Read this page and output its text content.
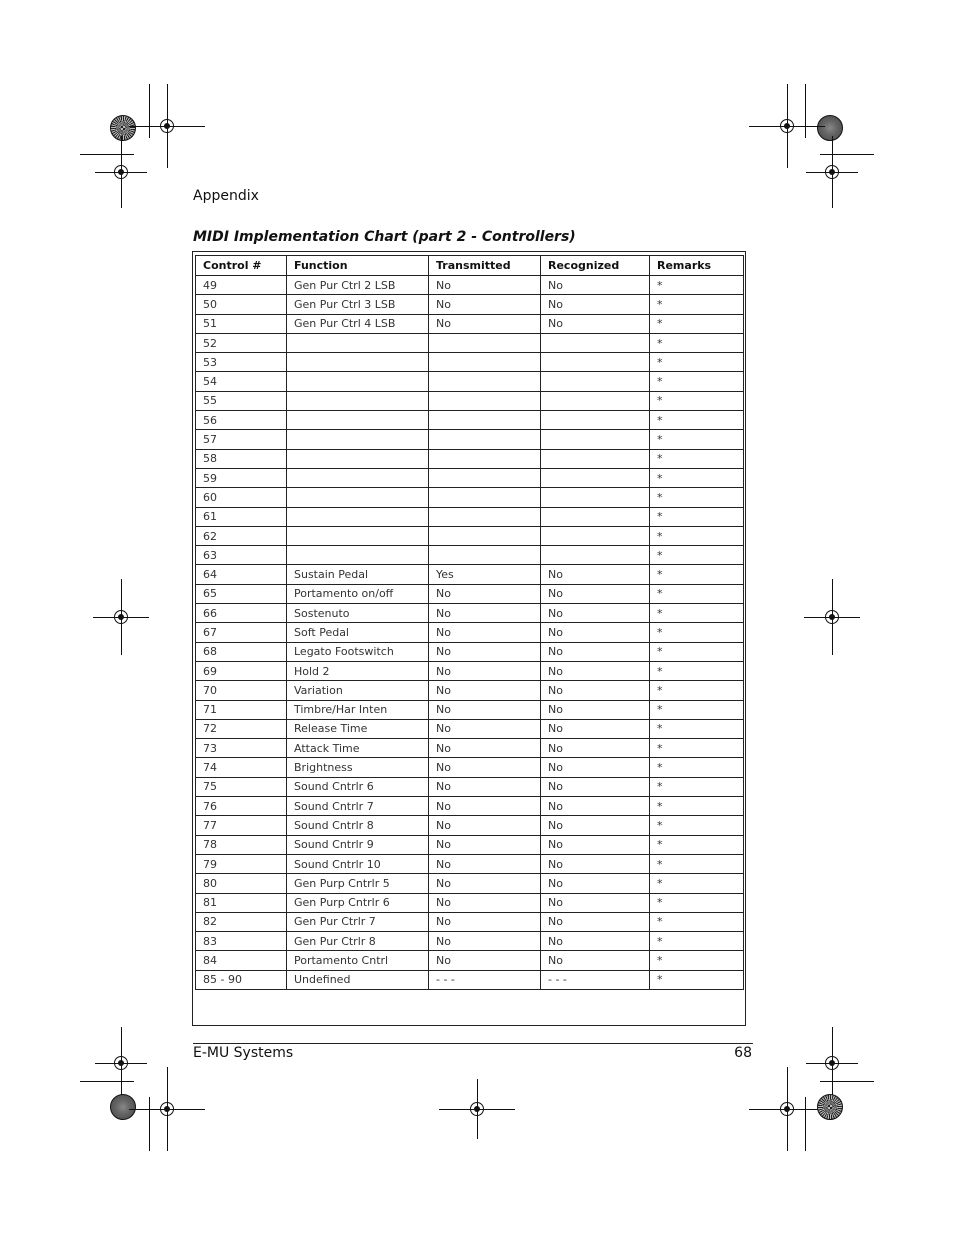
Appendix
MIDI Implementation Chart (part 2 - Controllers)
Control #	Function	Transmitted	Recognized	Remarks
49	Gen Pur Ctrl 2 LSB	No	No	*
50	Gen Pur Ctrl 3 LSB	No	No	*
51	Gen Pur Ctrl 4 LSB	No	No	*
52				*
53				*
54				*
55				*
56				*
57				*
58				*
59				*
60				*
61				*
62				*
63				*
64	Sustain Pedal	Yes	No	*
65	Portamento on/off	No	No	*
66	Sostenuto	No	No	*
67	Soft Pedal	No	No	*
68	Legato Footswitch	No	No	*
69	Hold 2	No	No	*
70	Variation	No	No	*
71	Timbre/Har Inten	No	No	*
72	Release Time	No	No	*
73	Attack Time	No	No	*
74	Brightness	No	No	*
75	Sound Cntrlr 6	No	No	*
76	Sound Cntrlr 7	No	No	*
77	Sound Cntrlr 8	No	No	*
78	Sound Cntrlr 9	No	No	*
79	Sound Cntrlr 10	No	No	*
80	Gen Purp Cntrlr 5	No	No	*
81	Gen Purp Cntrlr 6	No	No	*
82	Gen Pur Ctrlr 7	No	No	*
83	Gen Pur Ctrlr 8	No	No	*
84	Portamento Cntrl	No	No	*
85 - 90	Undefined	- - -	- - -	*
E-MU Systems	68
